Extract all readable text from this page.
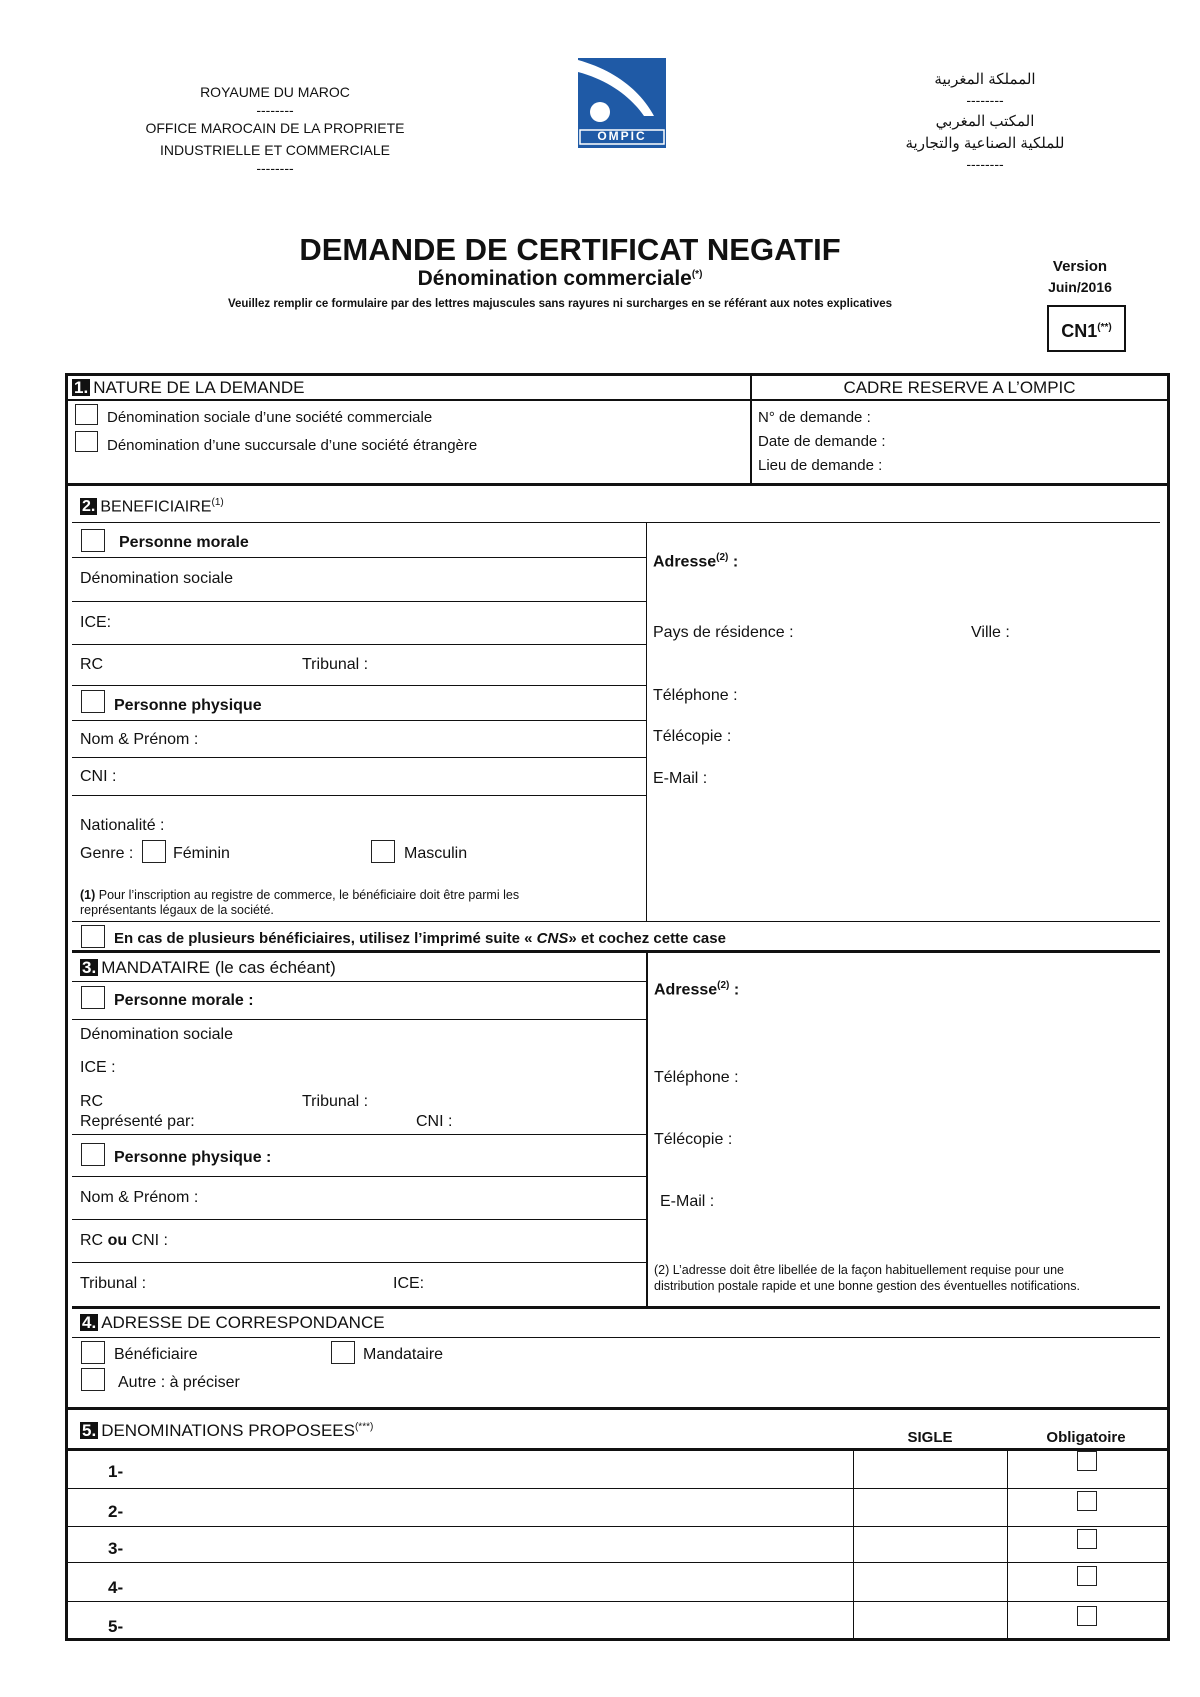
ROYAUME DU MAROC
--------
OFFICE MAROCAIN DE LA PROPRIETE
INDUSTRIELLE ET COMMERCIALE
--------
OMPIC
المملكة المغربية
--------
المكتب المغربي
للملكية الصناعية والتجارية
--------
DEMANDE DE CERTIFICAT NEGATIF
Dénomination commerciale(*)
Veuillez remplir ce formulaire par des lettres majuscules sans rayures ni surcharges en se référant aux notes explicatives
Version
Juin/2016
CN1(**)
1. NATURE DE LA DEMANDE
Dénomination sociale d’une société commerciale
Dénomination d’une succursale d’une société étrangère
CADRE RESERVE A L’OMPIC
N° de demande :
Date de demande :
Lieu de demande :
2. BENEFICIAIRE$^{(1)}$
Personne morale
Dénomination sociale
ICE:
RC	Tribunal :
Personne physique
Nom & Prénom :
CNI :
Nationalité :
Genre : Féminin	Masculin
(1) Pour l’inscription au registre de commerce, le bénéficiaire doit être parmi les
représentants légaux de la société.
Adresse$^{(2)}$ :
Pays de résidence :	Ville :
Téléphone :
Télécopie :
E-Mail :
En cas de plusieurs bénéficiaires, utilisez l’imprimé suite « CNS» et cochez cette case
3. MANDATAIRE (le cas échéant)
Personne morale :
Dénomination sociale
ICE :
RC	Tribunal :
Représenté par:	CNI :
Personne physique :
Nom & Prénom :
RC ou CNI :
Tribunal :	ICE:
Adresse$^{(2)}$ :
Téléphone :
Télécopie :
E-Mail :
(2) L’adresse doit être libellée de la façon habituellement requise pour une
distribution postale rapide et une bonne gestion des éventuelles notifications.
4. ADRESSE DE CORRESPONDANCE
Bénéficiaire	Mandataire
Autre : à préciser
5. DENOMINATIONS PROPOSEES(***)
SIGLE	Obligatoire
1-
2-
3-
4-
5-
